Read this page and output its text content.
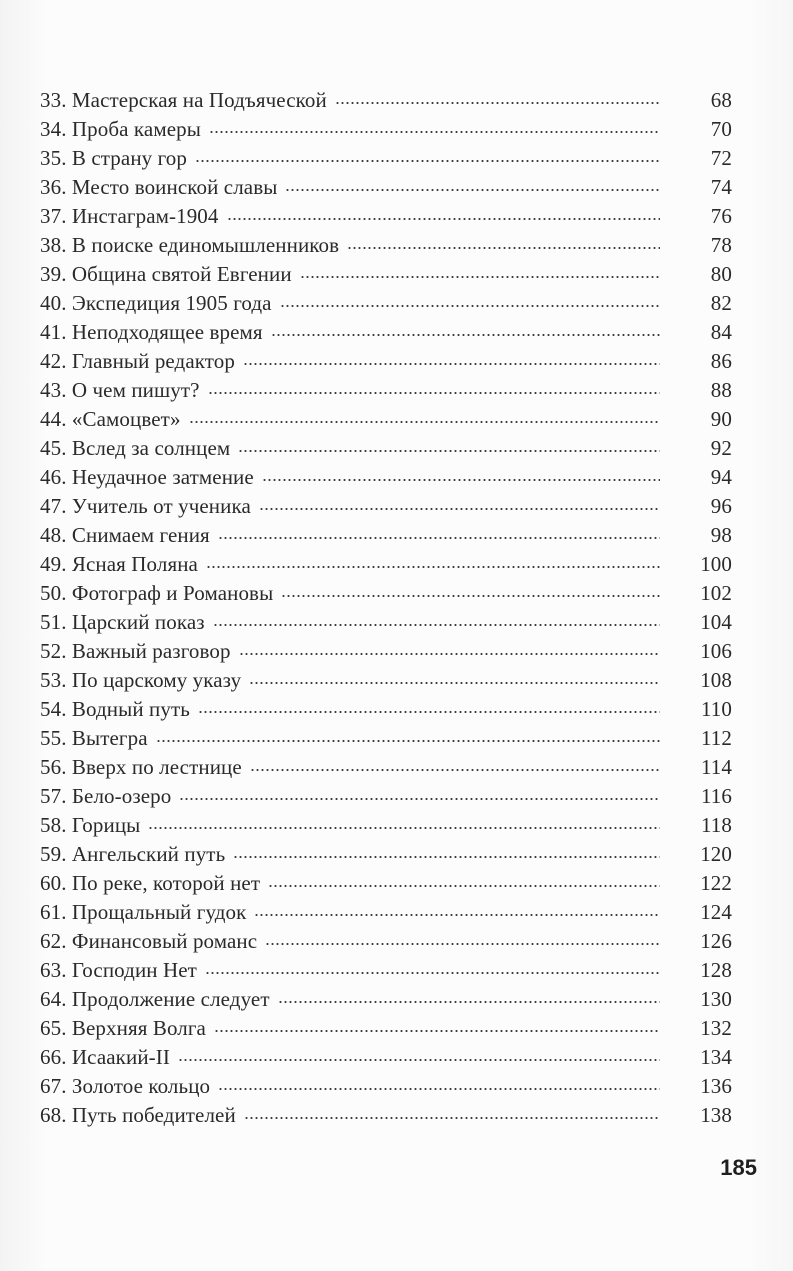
33. Мастерская на Подъяческой	68
34. Проба камеры	70
35. В страну гор	72
36. Место воинской славы	74
37. Инстаграм-1904	76
38. В поиске единомышленников	78
39. Община святой Евгении	80
40. Экспедиция 1905 года	82
41. Неподходящее время	84
42. Главный редактор	86
43. О чем пишут?	88
44. «Самоцвет»	90
45. Вслед за солнцем	92
46. Неудачное затмение	94
47. Учитель от ученика	96
48. Снимаем гения	98
49. Ясная Поляна	100
50. Фотограф и Романовы	102
51. Царский показ	104
52. Важный разговор	106
53. По царскому указу	108
54. Водный путь	110
55. Вытегра	112
56. Вверх по лестнице	114
57. Бело-озеро	116
58. Горицы	118
59. Ангельский путь	120
60. По реке, которой нет	122
61. Прощальный гудок	124
62. Финансовый романс	126
63. Господин Нет	128
64. Продолжение следует	130
65. Верхняя Волга	132
66. Исаакий-II	134
67. Золотое кольцо	136
68. Путь победителей	138
185
